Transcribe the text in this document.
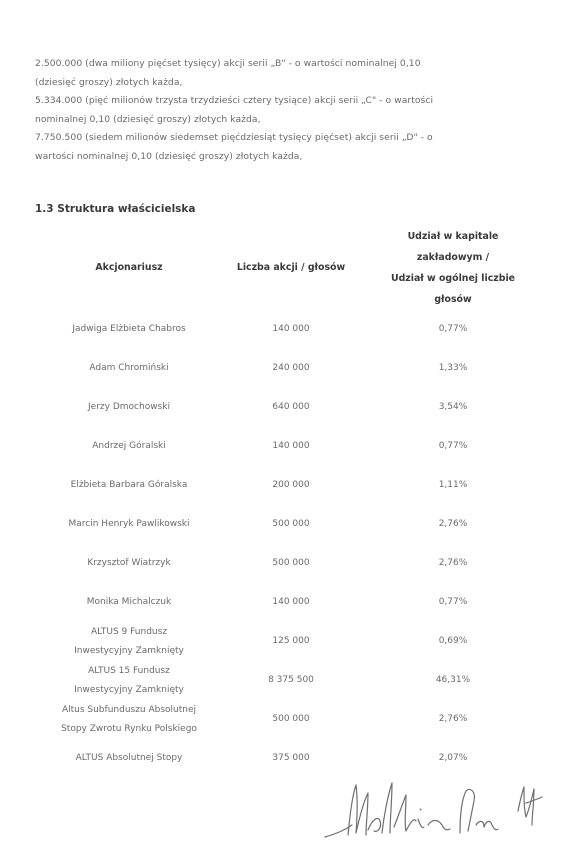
2.500.000 (dwa miliony pięćset tysięcy) akcji serii „B" - o wartości nominalnej 0,10

(dziesięć groszy) złotych każda,

5.334.000 (pięć milionów trzysta trzydzieści cztery tysiące) akcji serii „C" - o wartości

nominalnej 0,10 (dziesięć groszy) złotych każda,

7.750.500 (siedem milionów siedemset pięćdziesiąt tysięcy pięćset) akcji serii „D" - o

wartości nominalnej 0,10 (dziesięć groszy) złotych każda,

1.3 Struktura właścicielska
Akcjonariusz	Liczba akcji / głosów	Udział w kapitale
zakładowym /
Udział w ogólnej liczbie
głosów

Jadwiga Elżbieta Chabros	140 000	0,77%
Adam Chromiński	240 000	1,33%
Jerzy Dmochowski	640 000	3,54%
Andrzej Góralski	140 000	0,77%
Elżbieta Barbara Góralska	200 000	1,11%
Marcin Henryk Pawlikowski	500 000	2,76%
Krzysztof Wiatrzyk	500 000	2,76%
Monika Michalczuk	140 000	0,77%

ALTUS 9 Fundusz
Inwestycyjny Zamknięty	125 000	0,69%

ALTUS 15 Fundusz
Inwestycyjny Zamknięty	8 375 500	46,31%

Altus Subfunduszu Absolutnej
Stopy Zwrotu Rynku Polskiego	500 000	2,76%
ALTUS Absolutnej Stopy	375 000	2,07%
